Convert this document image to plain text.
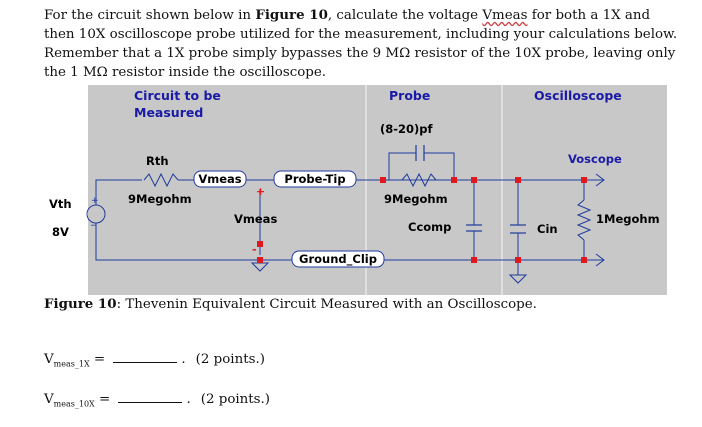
For the circuit shown below in Figure 10, calculate the voltage Vmeas for both a 1X and then 10X oscilloscope probe utilized for the measurement, including your calculations below. Remember that a 1X probe simply bypasses the 9 MΩ resistor of the 10X probe, leaving only the 1 MΩ resistor inside the oscilloscope.
Circuit to be
Measured
Probe	Oscilloscope
+
−
Vmeas	Probe-Tip
Ground_Clip
Vth
8V
Rth
9Megohm
+
Vmeas
-
(8-20)pf
9Megohm
Ccomp	Cin
Voscope
1Megohm
Figure 10: Thevenin Equivalent Circuit Measured with an Oscilloscope.
$V_{meas\_1X}$ =	. (2 points.)
$V_{meas\_10X}$ =	. (2 points.)
